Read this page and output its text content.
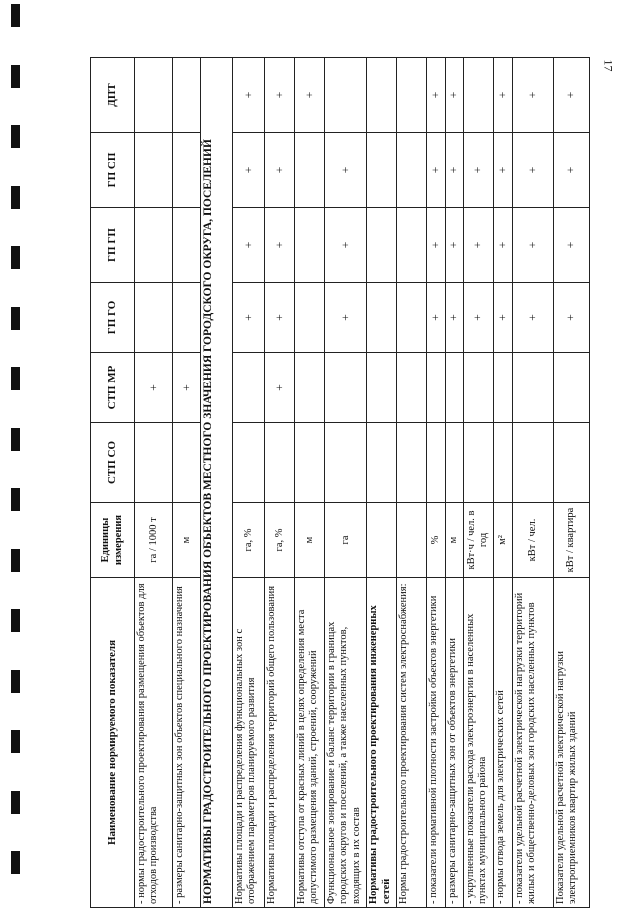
17
Наименование нормируемого показателя	Единицы измерения	СТП СО	СТП МР	ГП ГО	ГП ГП	ГП СП	ДПТ
- нормы градостроительного проектирования размещения объектов для отходов производства	га / 1000 т		+				
- размеры санитарно-защитных зон объектов специального назначения	м		+				
НОРМАТИВЫ ГРАДОСТРОИТЕЛЬНОГО ПРОЕКТИРОВАНИЯ ОБЪЕКТОВ МЕСТНОГО ЗНАЧЕНИЯ ГОРОДСКОГО ОКРУГА, ПОСЕЛЕНИЙ							
Нормативы площади и распределения функциональных зон с отображением параметров планируемого развития	га, %			+	+	+	+
Нормативы площади и распределения территорий общего пользования	га, %		+	+	+	+	+
Нормативы отступа от красных линий в целях определения места допустимого размещения зданий, строений, сооружений	м						+
Функциональное зонирование и баланс территории в границах городских округов и поселений, а также населенных пунктов, входящих в их состав	га			+	+	+	
Нормативы градостроительного проектирования инженерных сетей							
Нормы градостроительного проектирования систем электроснабжения:							
- показатели нормативной плотности застройки объектов энергетики	%			+	+	+	+
- размеры санитарно-защитных зон от объектов энергетики	м			+	+	+	+
- укрупненные показатели расхода электроэнергии в населенных пунктах муниципального района	кВт·ч / чел. в год			+	+	+	
- нормы отвода земель для электрических сетей	м²			+	+	+	+
- показатели удельной расчетной электрической нагрузки территорий жилых и общественно-деловых зон городских населенных пунктов	кВт / чел.			+	+	+	+
Показатели удельной расчетной электрической нагрузки электроприемников квартир жилых зданий	кВт / квартира			+	+	+	+
